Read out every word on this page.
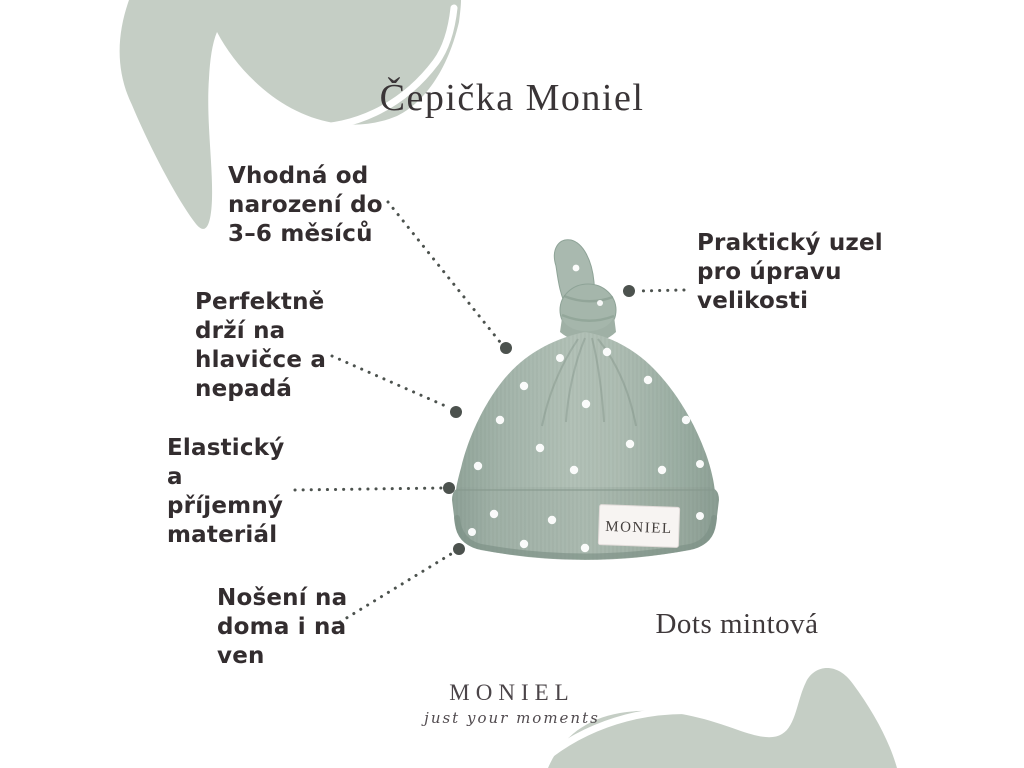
MONIEL
Čepička Moniel
Vhodná od
narození do
3–6 měsíců	Praktický uzel
pro úpravu
velikosti
Perfektně
drží na
hlavičce a
nepadá
Elastický
a
příjemný
materiál
Nošení na
doma i na
ven
Dots mintová
MONIEL
just your moments
